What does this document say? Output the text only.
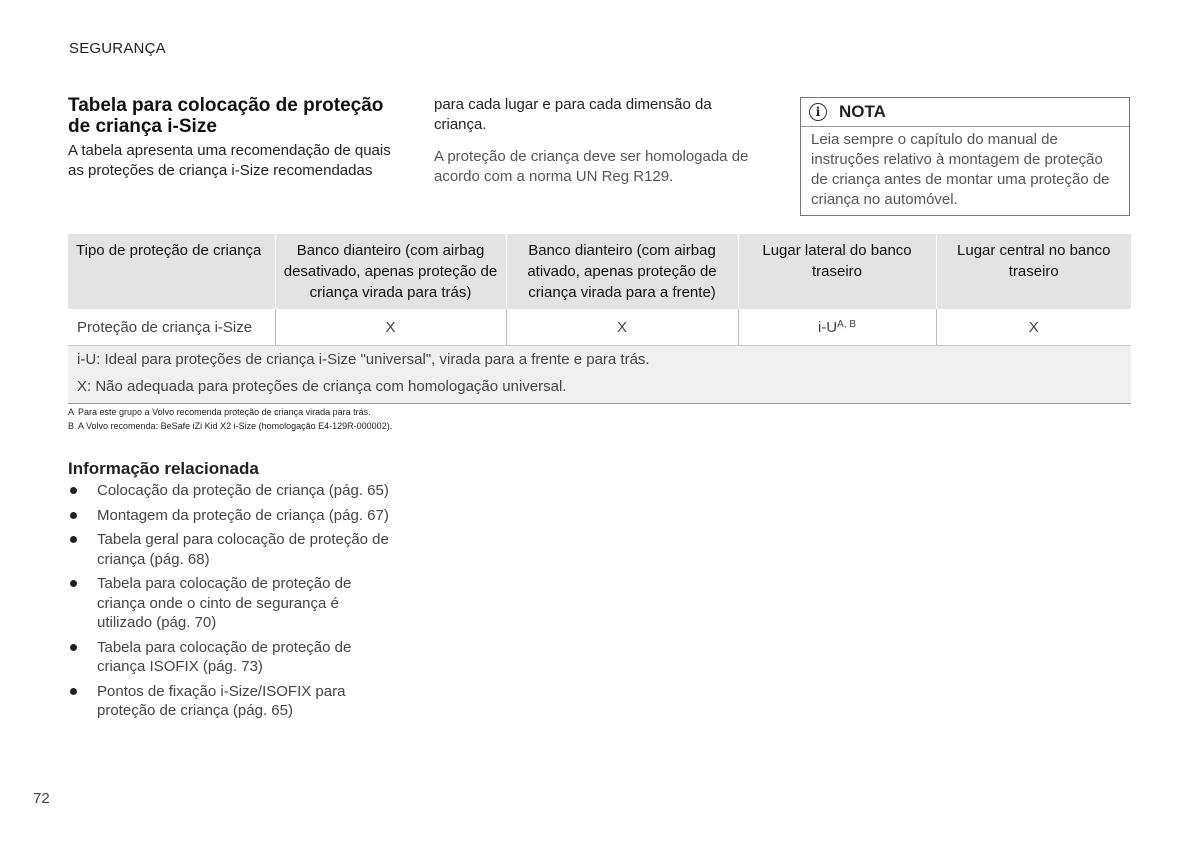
SEGURANÇA
Tabela para colocação de proteção de criança i-Size
A tabela apresenta uma recomendação de quais as proteções de criança i-Size recomendadas

para cada lugar e para cada dimensão da criança.

A proteção de criança deve ser homologada de acordo com a norma UN Reg R129.

i	NOTA
Leia sempre o capítulo do manual de instruções relativo à montagem de proteção de criança antes de montar uma proteção de criança no automóvel.
Tipo de proteção de criança	Banco dianteiro (com airbag desativado, apenas proteção de criança virada para trás)	Banco dianteiro (com airbag ativado, apenas proteção de criança virada para a frente)	Lugar lateral do banco traseiro	Lugar central no banco traseiro
Proteção de criança i-Size	X	X	$i-U^{A, B}$	X
i-U: Ideal para proteções de criança i-Size "universal", virada para a frente e para trás.				
X: Não adequada para proteções de criança com homologação universal.				
A Para este grupo a Volvo recomenda proteção de criança virada para trás.
B A Volvo recomenda: BeSafe iZi Kid X2 i-Size (homologação E4-129R-000002).
Informação relacionada
Colocação da proteção de criança (pág. 65)
Montagem da proteção de criança (pág. 67)
Tabela geral para colocação de proteção de criança (pág. 68)
Tabela para colocação de proteção de criança onde o cinto de segurança é utilizado (pág. 70)
Tabela para colocação de proteção de criança ISOFIX (pág. 73)
Pontos de fixação i-Size/ISOFIX para proteção de criança (pág. 65)
72
